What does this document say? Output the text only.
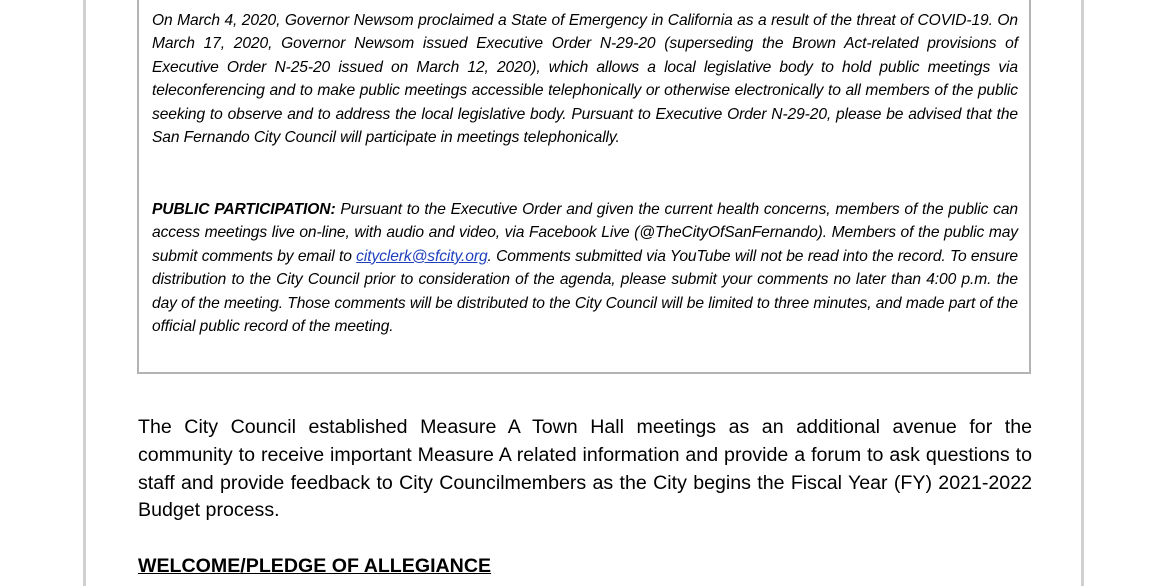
On March 4, 2020, Governor Newsom proclaimed a State of Emergency in California as a result of the threat of COVID-19. On March 17, 2020, Governor Newsom issued Executive Order N-29-20 (superseding the Brown Act-related provisions of Executive Order N-25-20 issued on March 12, 2020), which allows a local legislative body to hold public meetings via teleconferencing and to make public meetings accessible telephonically or otherwise electronically to all members of the public seeking to observe and to address the local legislative body. Pursuant to Executive Order N-29-20, please be advised that the San Fernando City Council will participate in meetings telephonically.

PUBLIC PARTICIPATION: Pursuant to the Executive Order and given the current health concerns, members of the public can access meetings live on-line, with audio and video, via Facebook Live (@TheCityOfSanFernando). Members of the public may submit comments by email to cityclerk@sfcity.org. Comments submitted via YouTube will not be read into the record. To ensure distribution to the City Council prior to consideration of the agenda, please submit your comments no later than 4:00 p.m. the day of the meeting. Those comments will be distributed to the City Council will be limited to three minutes, and made part of the official public record of the meeting.

The City Council established Measure A Town Hall meetings as an additional avenue for the community to receive important Measure A related information and provide a forum to ask questions to staff and provide feedback to City Councilmembers as the City begins the Fiscal Year (FY) 2021-2022 Budget process.

WELCOME/PLEDGE OF ALLEGIANCE
